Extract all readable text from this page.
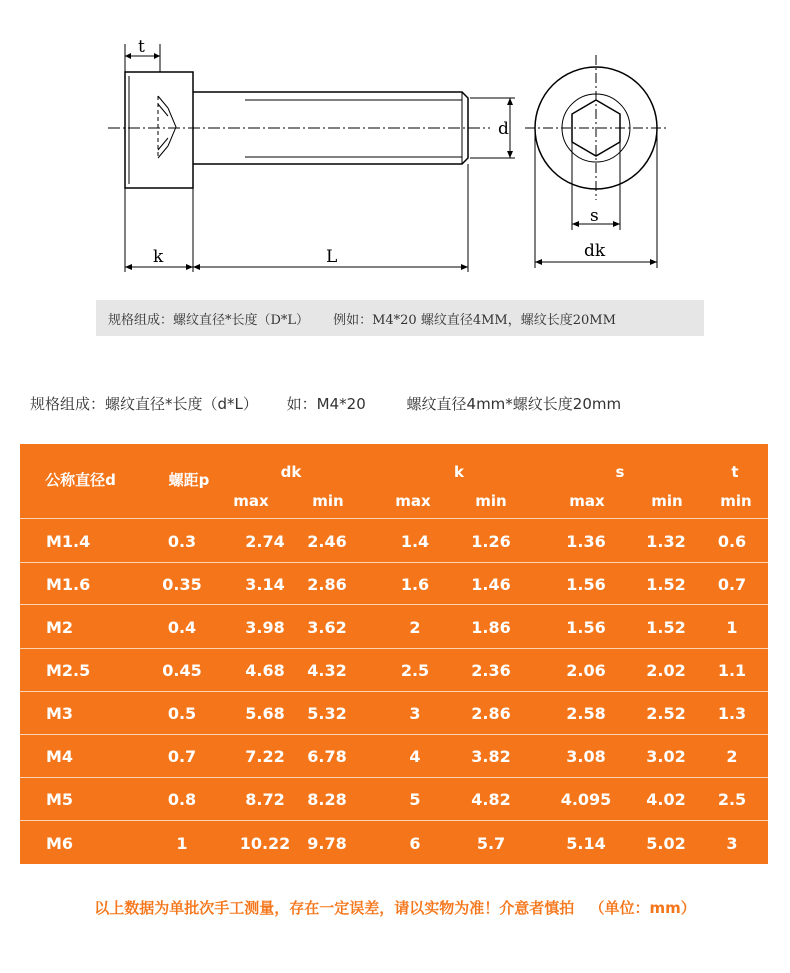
t
k	L
d
s
dk
规格组成：螺纹直径*长度（D*L） 例如：M4*20 螺纹直径4MM，螺纹长度20MM
规格组成：螺纹直径*长度（d*L） 如：M4*20	螺纹直径4mm*螺纹长度20mm
公称直径d	螺距p	dk	k	s	t
max	min	max	min	max	min	min
M1.4	0.3	2.74	2.46	1.4	1.26	1.36	1.32	0.6
M1.6	0.35	3.14	2.86	1.6	1.46	1.56	1.52	0.7
M2	0.4	3.98	3.62	2	1.86	1.56	1.52	1
M2.5	0.45	4.68	4.32	2.5	2.36	2.06	2.02	1.1
M3	0.5	5.68	5.32	3	2.86	2.58	2.52	1.3
M4	0.7	7.22	6.78	4	3.82	3.08	3.02	2
M5	0.8	8.72	8.28	5	4.82	4.095	4.02	2.5
M6	1	10.22	9.78	6	5.7	5.14	5.02	3
以上数据为单批次手工测量，存在一定误差，请以实物为准！介意者慎拍 （单位：mm）
